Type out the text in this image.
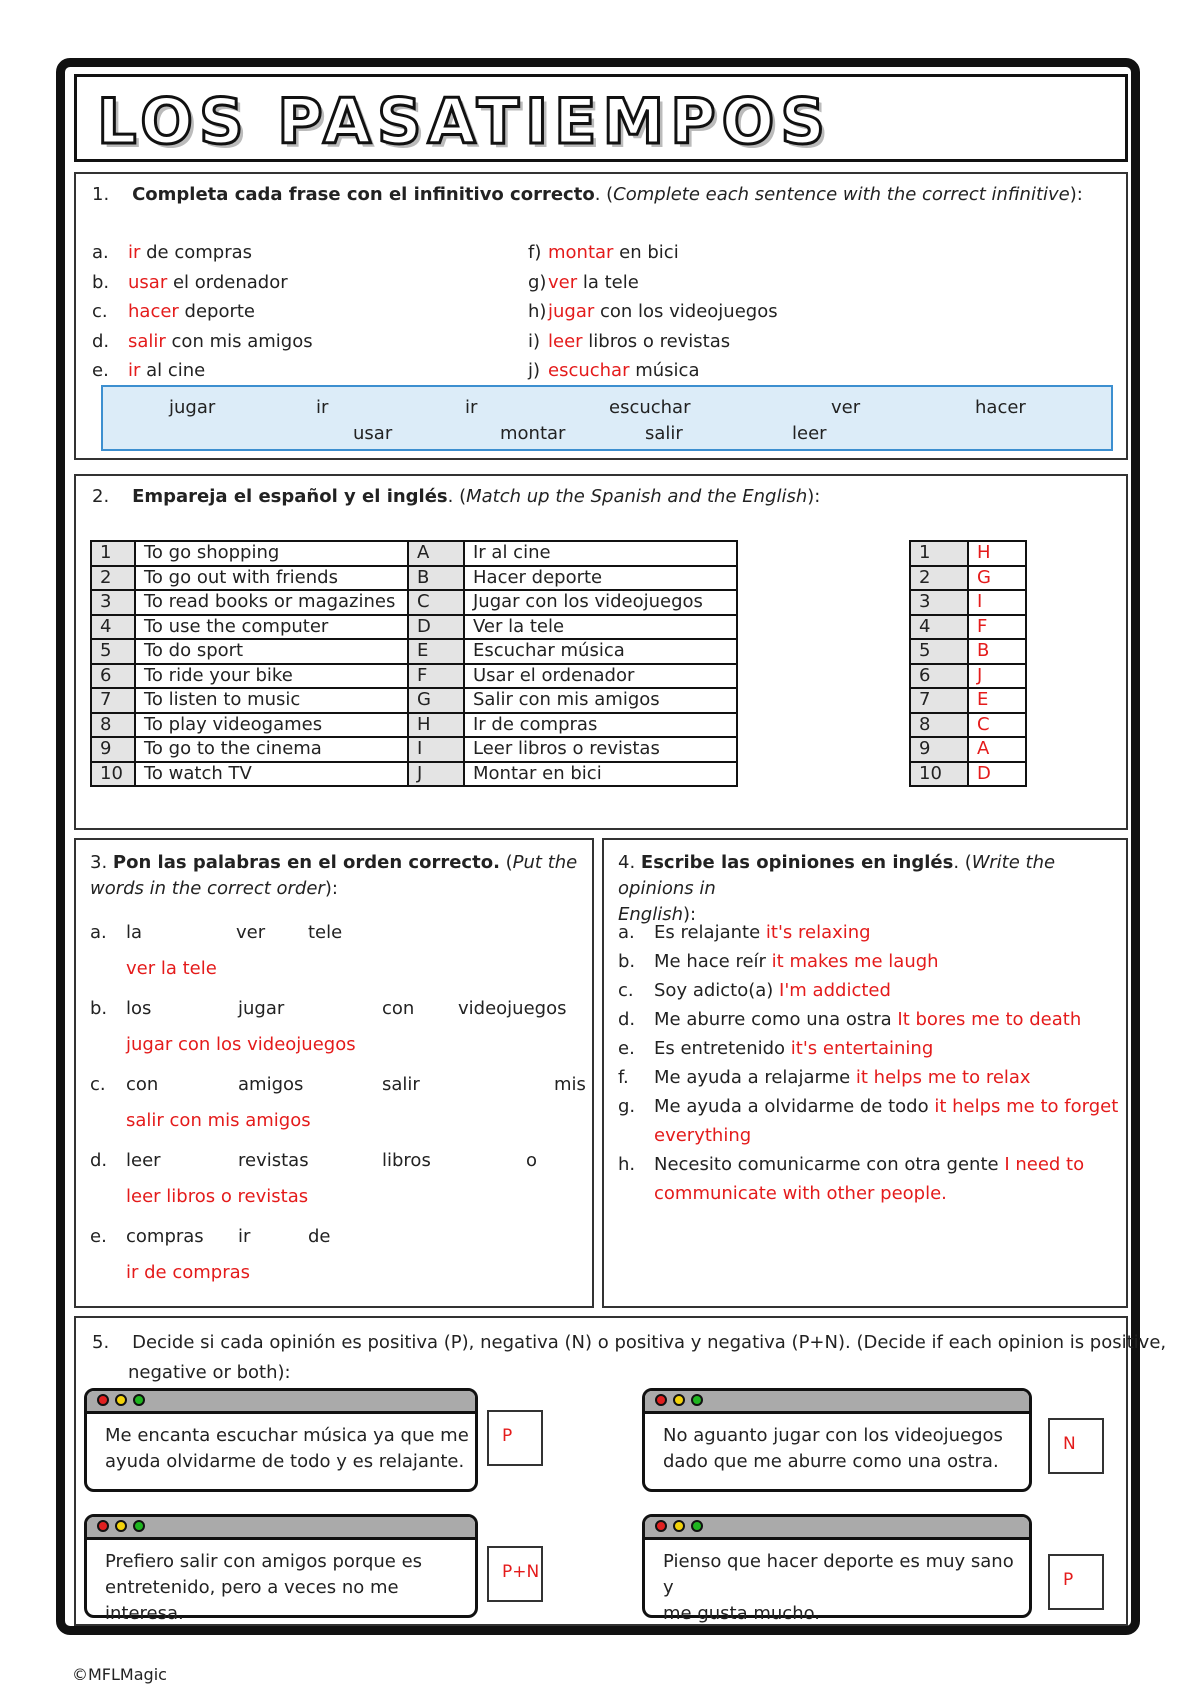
LOS PASATIEMPOS
1. Completa cada frase con el infinitivo correcto. (Complete each sentence with the correct infinitive):
a. ir de compras
b. usar el ordenador
c. hacer deporte
d. salir con mis amigos
e. ir al cine
f) montar en bici
g)ver la tele
h)jugar con los videojuegos
i) leer libros o revistas
j) escuchar música
jugar	ir	ir	escuchar	ver	hacer
usar	montar	salir	leer
2. Empareja el español y el inglés. (Match up the Spanish and the English):
1	To go shopping	A	Ir al cine
2	To go out with friends	B	Hacer deporte
3	To read books or magazines	C	Jugar con los videojuegos
4	To use the computer	D	Ver la tele
5	To do sport	E	Escuchar música
6	To ride your bike	F	Usar el ordenador
7	To listen to music	G	Salir con mis amigos
8	To play videogames	H	Ir de compras
9	To go to the cinema	I	Leer libros o revistas
10	To watch TV	J	Montar en bici
1	H
2	G
3	I
4	F
5	B
6	J
7	E
8	C
9	A
10	D
3. Pon las palabras en el orden correcto. (Put the
words in the correct order):
a. la	ver tele
ver la tele
b. los	jugar	con videojuegos
jugar con los videojuegos
c. con	amigos	salir	mis
salir con mis amigos
d. leer	revistas	libros	o
leer libros o revistas
e. compras ir	de
ir de compras
4. Escribe las opiniones en inglés. (Write the opinions in
English):
a. Es relajante it's relaxing
b. Me hace reír it makes me laugh
c. Soy adicto(a) I'm addicted
d. Me aburre como una ostra It bores me to death
e. Es entretenido it's entertaining
f. Me ayuda a relajarme it helps me to relax
g. Me ayuda a olvidarme de todo it helps me to forget
everything
h. Necesito comunicarme con otra gente I need to
communicate with other people.
5. Decide si cada opinión es positiva (P), negativa (N) o positiva y negativa (P+N). (Decide if each opinion is positive,
negative or both):
Me encanta escuchar música ya que me
ayuda olvidarme de todo y es relajante.
P	No aguanto jugar con los videojuegos
dado que me aburre como una ostra.
N
Prefiero salir con amigos porque es
entretenido, pero a veces no me interesa.
P+N	Pienso que hacer deporte es muy sano y
me gusta mucho.
P
©MFLMagic
